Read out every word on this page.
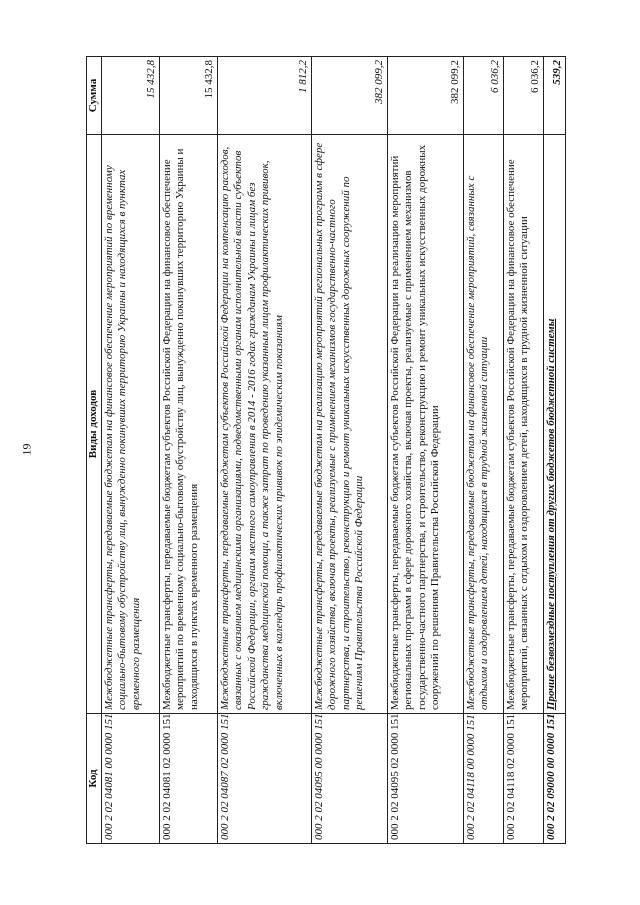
19
Код	Виды доходов	Сумма
000 2 02 04081 00 0000 151	Межбюджетные трансферты, передаваемые бюджетам на финансовое обеспечение мероприятий по временному социально-бытовому обустройству лиц, вынужденно покинувших территорию Украины и находящихся в пунктах временного размещения	15 432,8
000 2 02 04081 02 0000 151	Межбюджетные трансферты, передаваемые бюджетам субъектов Российской Федерации на финансовое обеспечение мероприятий по временному социально-бытовому обустройству лиц, вынужденно покинувших территорию Украины и находящихся в пунктах временного размещения	15 432,8
000 2 02 04087 02 0000 151	Межбюджетные трансферты, передаваемые бюджетам субъектов Российской Федерации на компенсацию расходов, связанных с оказанием медицинскими организациями, подведомственными органам исполнительной власти субъектов Российской Федерации, органам местного самоуправления в 2014 - 2016 годах гражданам Украины и лицам без гражданства медицинской помощи, а также затрат по проведению указанным лицам профилактических прививок, включенных в календарь профилактических прививок по эпидемическим показаниям	1 812,2
000 2 02 04095 00 0000 151	Межбюджетные трансферты, передаваемые бюджетам на реализацию мероприятий региональных программ в сфере дорожного хозяйства, включая проекты, реализуемые с применением механизмов государственно-частного партнерства, и строительство, реконструкцию и ремонт уникальных искусственных дорожных сооружений по решениям Правительства Российской Федерации	382 099,2
000 2 02 04095 02 0000 151	Межбюджетные трансферты, передаваемые бюджетам субъектов Российской Федерации на реализацию мероприятий региональных программ в сфере дорожного хозяйства, включая проекты, реализуемые с применением механизмов государственно-частного партнерства, и строительство, реконструкцию и ремонт уникальных искусственных дорожных сооружений по решениям Правительства Российской Федерации	382 099,2
000 2 02 04118 00 0000 151	Межбюджетные трансферты, передаваемые бюджетам на финансовое обеспечение мероприятий, связанных с отдыхом и оздоровлением детей, находящихся в трудной жизненной ситуации	6 036,2
000 2 02 04118 02 0000 151	Межбюджетные трансферты, передаваемые бюджетам субъектов Российской Федерации на финансовое обеспечение мероприятий, связанных с отдыхом и оздоровлением детей, находящихся в трудной жизненной ситуации	6 036,2
000 2 02 09000 00 0000 151	Прочие безвозмездные поступления от других бюджетов бюджетной системы	539,2
